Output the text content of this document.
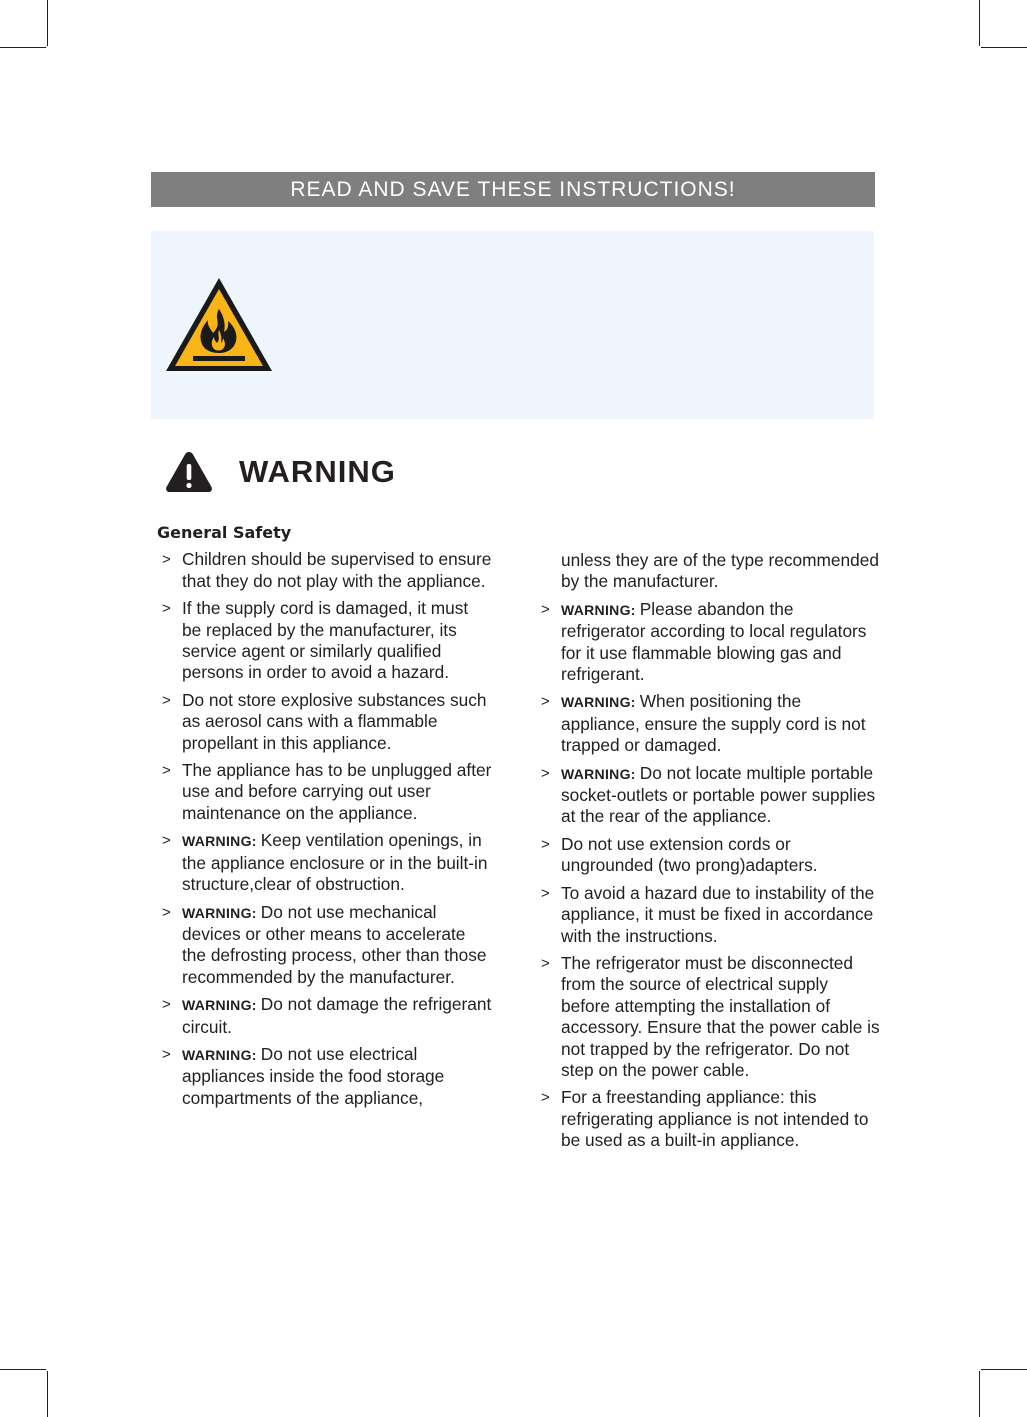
READ AND SAVE THESE INSTRUCTIONS!
WARNING
General Safety
> Children should be supervised to ensure that they do not play with the appliance.
> If the supply cord is damaged, it must be replaced by the manufacturer, its service agent or similarly qualified persons in order to avoid a hazard.
> Do not store explosive substances such as aerosol cans with a flammable propellant in this appliance.
> The appliance has to be unplugged after use and before carrying out user maintenance on the appliance.
> WARNING: Keep ventilation openings, in the appliance enclosure or in the built-in structure,clear of obstruction.
> WARNING: Do not use mechanical devices or other means to accelerate the defrosting process, other than those recommended by the manufacturer.
> WARNING: Do not damage the refrigerant circuit.
> WARNING: Do not use electrical appliances inside the food storage compartments of the appliance,
unless they are of the type recommended by the manufacturer.
> WARNING: Please abandon the refrigerator according to local regulators for it use flammable blowing gas and refrigerant.
> WARNING: When positioning the appliance, ensure the supply cord is not trapped or damaged.
> WARNING: Do not locate multiple portable socket-outlets or portable power supplies at the rear of the appliance.
> Do not use extension cords or ungrounded (two prong)adapters.
> To avoid a hazard due to instability of the appliance, it must be fixed in accordance with the instructions.
> The refrigerator must be disconnected from the source of electrical supply before attempting the installation of accessory. Ensure that the power cable is not trapped by the refrigerator. Do not step on the power cable.
> For a freestanding appliance: this refrigerating appliance is not intended to be used as a built-in appliance.
